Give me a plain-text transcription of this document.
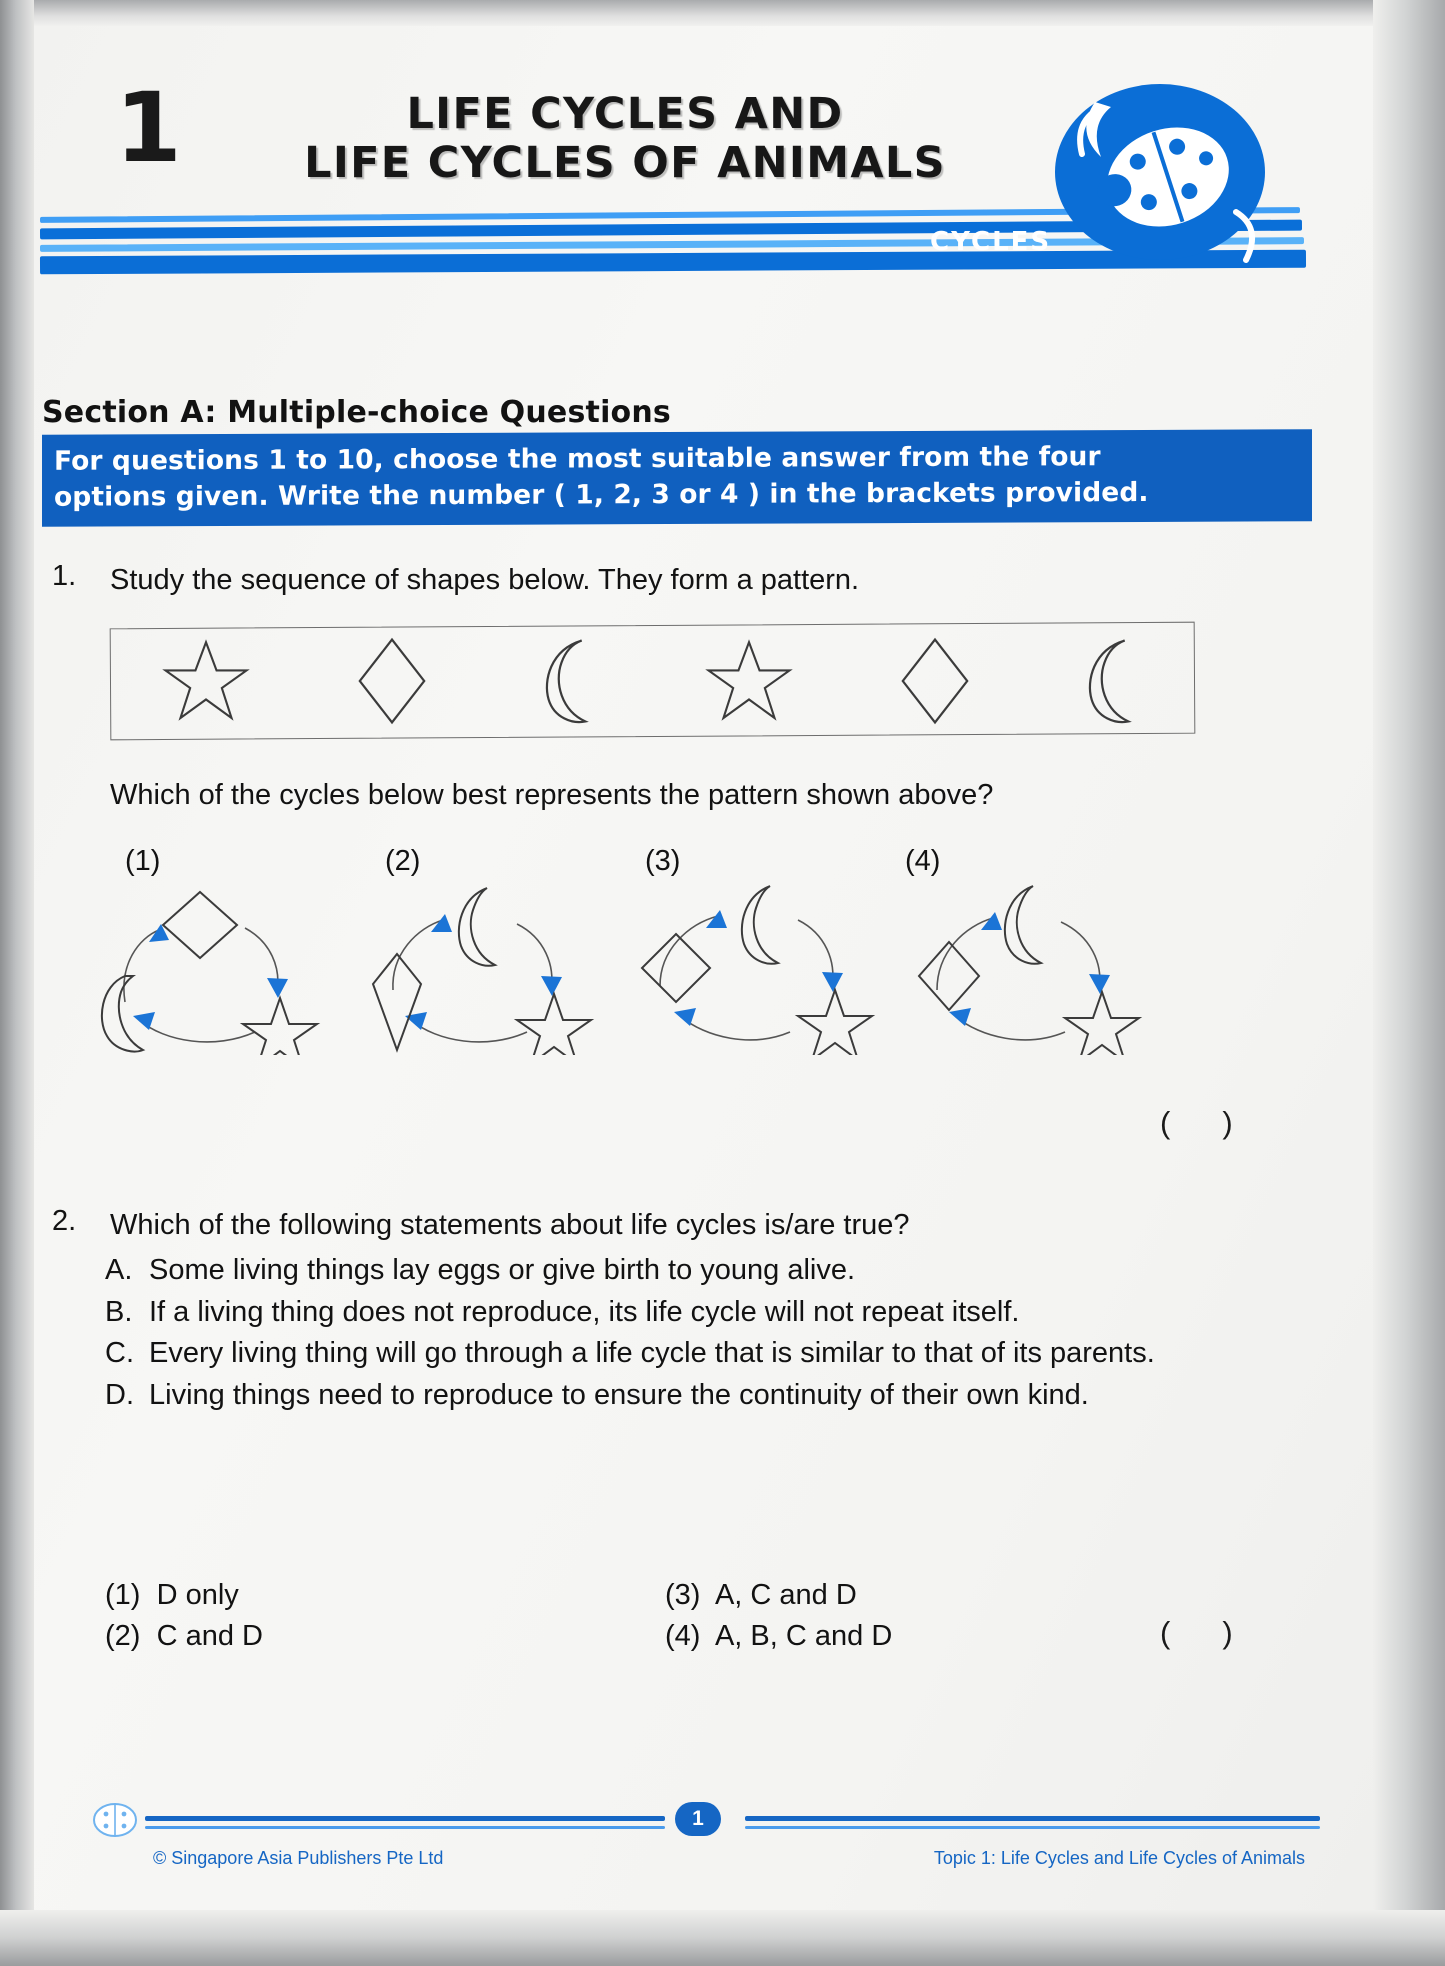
1	LIFE CYCLES AND
LIFE CYCLES OF ANIMALS
CYCLES
Section A: Multiple-choice Questions
For questions 1 to 10, choose the most suitable answer from the four
options given. Write the number ( 1, 2, 3 or 4 ) in the brackets provided.
1. Study the sequence of shapes below. They form a pattern.
Which of the cycles below best represents the pattern shown above?
(1)	(2)	(3)	(4)
()
2. Which of the following statements about life cycles is/are true?
A. Some living things lay eggs or give birth to young alive.
B. If a living thing does not reproduce, its life cycle will not repeat itself.
C. Every living thing will go through a life cycle that is similar to that of its parents.
D. Living things need to reproduce to ensure the continuity of their own kind.
(1) D only	(3) A, C and D
(2) C and D	(4) A, B, C and D	()
1
© Singapore Asia Publishers Pte Ltd	Topic 1: Life Cycles and Life Cycles of Animals
